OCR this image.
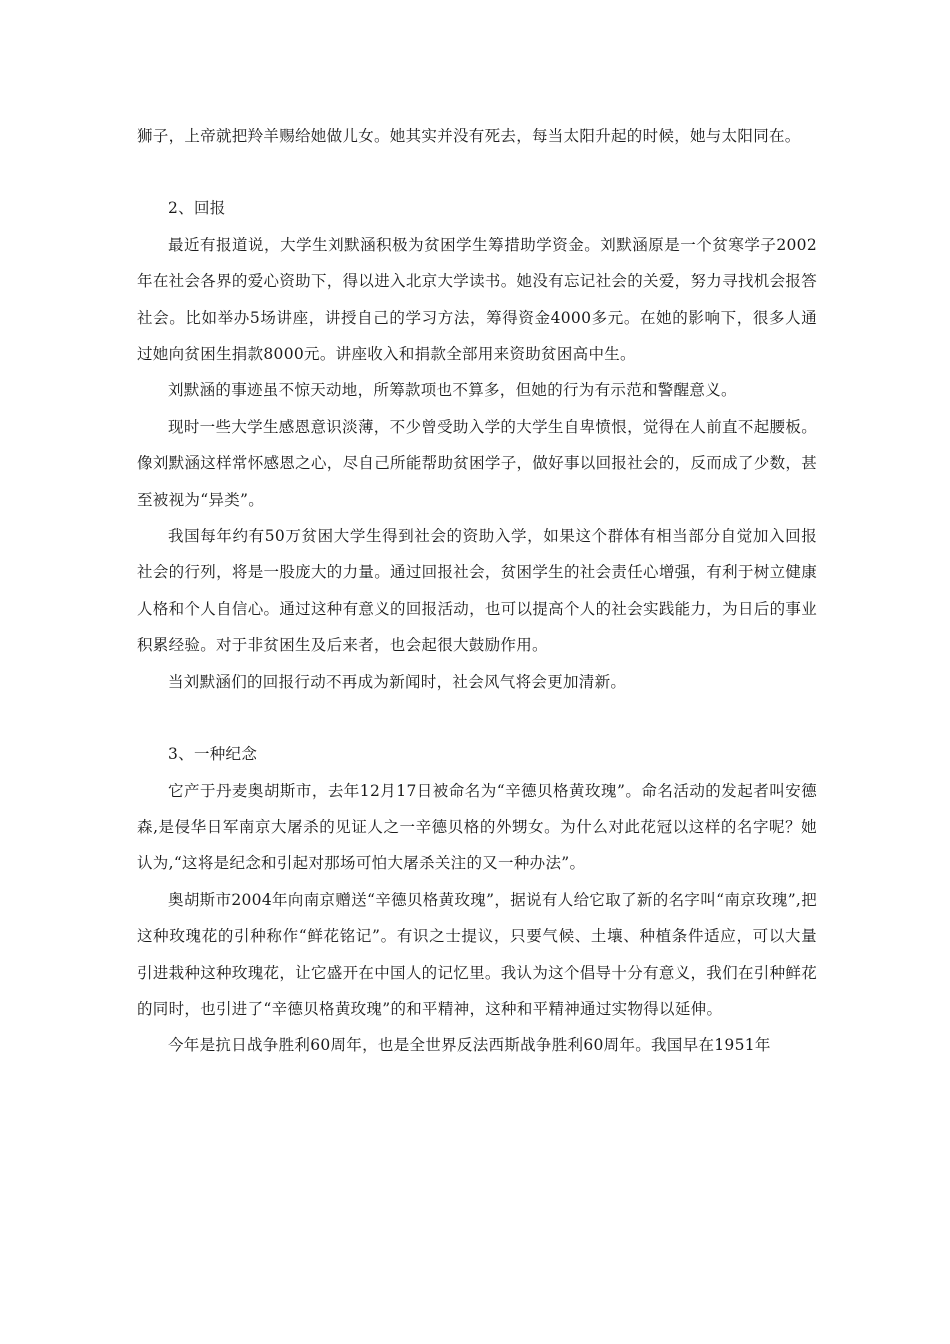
狮子，上帝就把羚羊赐给她做儿女。她其实并没有死去，每当太阳升起的时候，她与太阳同在。

2、回报

最近有报道说，大学生刘默涵积极为贫困学生筹措助学资金。刘默涵原是一个贫寒学子2002年在社会各界的爱心资助下，得以进入北京大学读书。她没有忘记社会的关爱，努力寻找机会报答社会。比如举办5场讲座，讲授自己的学习方法，筹得资金4000多元。在她的影响下，很多人通过她向贫困生捐款8000元。讲座收入和捐款全部用来资助贫困高中生。

刘默涵的事迹虽不惊天动地，所筹款项也不算多，但她的行为有示范和警醒意义。

现时一些大学生感恩意识淡薄，不少曾受助入学的大学生自卑愤恨，觉得在人前直不起腰板。像刘默涵这样常怀感恩之心，尽自己所能帮助贫困学子，做好事以回报社会的，反而成了少数，甚至被视为“异类”。

我国每年约有50万贫困大学生得到社会的资助入学，如果这个群体有相当部分自觉加入回报社会的行列，将是一股庞大的力量。通过回报社会，贫困学生的社会责任心增强，有利于树立健康人格和个人自信心。通过这种有意义的回报活动，也可以提高个人的社会实践能力，为日后的事业积累经验。对于非贫困生及后来者，也会起很大鼓励作用。

当刘默涵们的回报行动不再成为新闻时，社会风气将会更加清新。

3、一种纪念

它产于丹麦奥胡斯市，去年12月17日被命名为“辛德贝格黄玫瑰”。命名活动的发起者叫安德森,是侵华日军南京大屠杀的见证人之一辛德贝格的外甥女。为什么对此花冠以这样的名字呢？她认为,“这将是纪念和引起对那场可怕大屠杀关注的又一种办法”。

奥胡斯市2004年向南京赠送“辛德贝格黄玫瑰”，据说有人给它取了新的名字叫“南京玫瑰”,把这种玫瑰花的引种称作“鲜花铭记”。有识之士提议，只要气候、土壤、种植条件适应，可以大量引进栽种这种玫瑰花，让它盛开在中国人的记忆里。我认为这个倡导十分有意义，我们在引种鲜花的同时，也引进了“辛德贝格黄玫瑰”的和平精神，这种和平精神通过实物得以延伸。

今年是抗日战争胜利60周年，也是全世界反法西斯战争胜利60周年。我国早在1951年
